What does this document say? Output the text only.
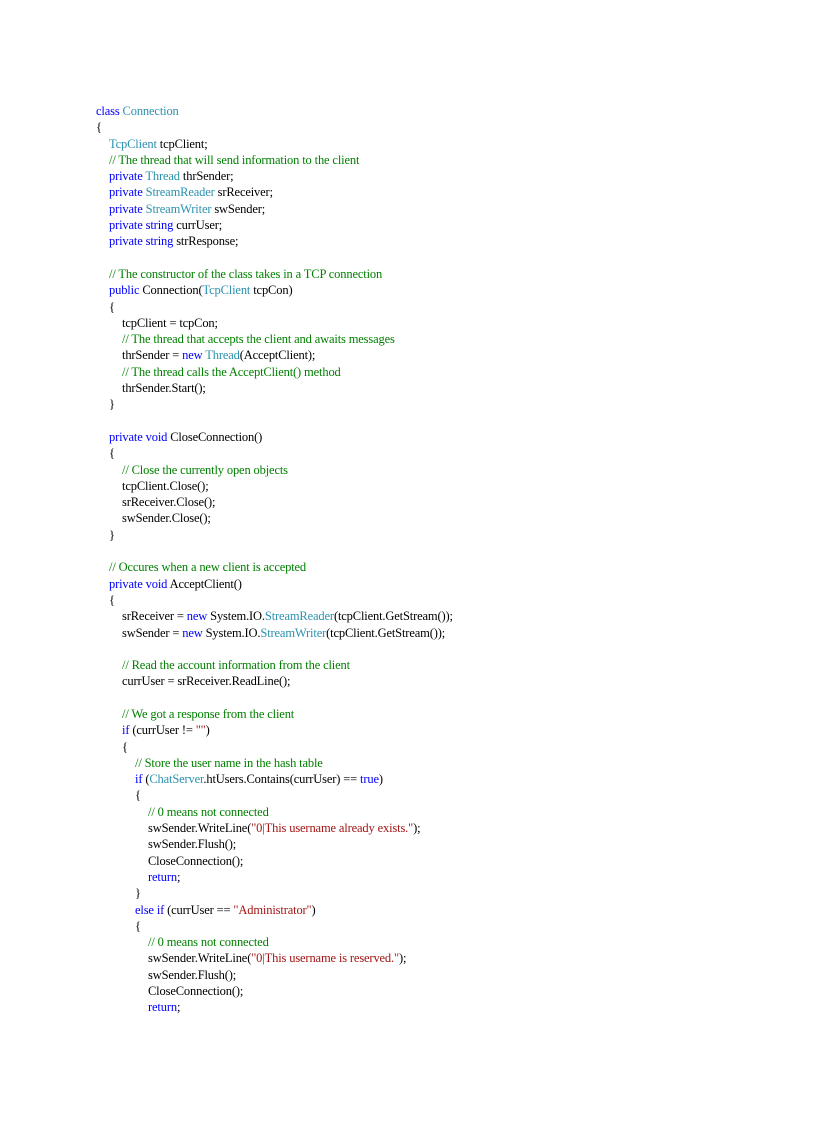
class Connection
{
TcpClient tcpClient;
// The thread that will send information to the client
private Thread thrSender;
private StreamReader srReceiver;
private StreamWriter swSender;
private string currUser;
private string strResponse;
// The constructor of the class takes in a TCP connection
public Connection(TcpClient tcpCon)
{
tcpClient = tcpCon;
// The thread that accepts the client and awaits messages
thrSender = new Thread(AcceptClient);
// The thread calls the AcceptClient() method
thrSender.Start();
}
private void CloseConnection()
{
// Close the currently open objects
tcpClient.Close();
srReceiver.Close();
swSender.Close();
}
// Occures when a new client is accepted
private void AcceptClient()
{
srReceiver = new System.IO.StreamReader(tcpClient.GetStream());
swSender = new System.IO.StreamWriter(tcpClient.GetStream());
// Read the account information from the client
currUser = srReceiver.ReadLine();
// We got a response from the client
if (currUser != "")
{
// Store the user name in the hash table
if (ChatServer.htUsers.Contains(currUser) == true)
{
// 0 means not connected
swSender.WriteLine("0|This username already exists.");
swSender.Flush();
CloseConnection();
return;
}
else if (currUser == "Administrator")
{
// 0 means not connected
swSender.WriteLine("0|This username is reserved.");
swSender.Flush();
CloseConnection();
return;
